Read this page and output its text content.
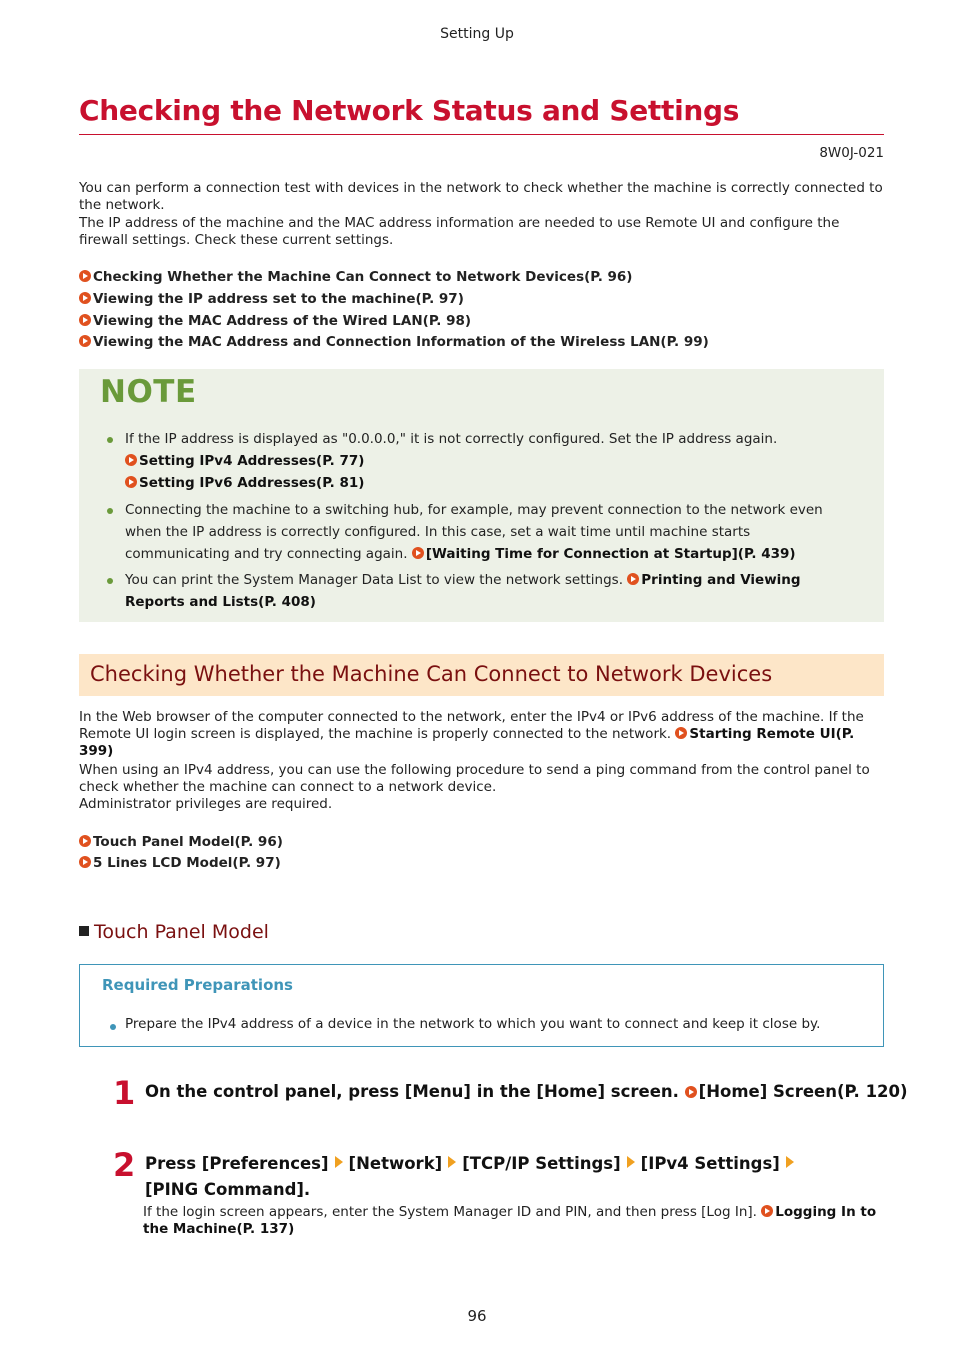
Setting Up
Checking the Network Status and Settings
8W0J-021
You can perform a connection test with devices in the network to check whether the machine is correctly connected to the network.
The IP address of the machine and the MAC address information are needed to use Remote UI and configure the firewall settings. Check these current settings.
Checking Whether the Machine Can Connect to Network Devices(P. 96)
Viewing the IP address set to the machine(P. 97)
Viewing the MAC Address of the Wired LAN(P. 98)
Viewing the MAC Address and Connection Information of the Wireless LAN(P. 99)
NOTE
If the IP address is displayed as "0.0.0.0," it is not correctly configured. Set the IP address again.
Setting IPv4 Addresses(P. 77)
Setting IPv6 Addresses(P. 81)
Connecting the machine to a switching hub, for example, may prevent connection to the network even when the IP address is correctly configured. In this case, set a wait time until machine starts communicating and try connecting again. [Waiting Time for Connection at Startup](P. 439)
You can print the System Manager Data List to view the network settings. Printing and Viewing Reports and Lists(P. 408)
Checking Whether the Machine Can Connect to Network Devices
In the Web browser of the computer connected to the network, enter the IPv4 or IPv6 address of the machine. If the Remote UI login screen is displayed, the machine is properly connected to the network. Starting Remote UI(P. 399)
When using an IPv4 address, you can use the following procedure to send a ping command from the control panel to check whether the machine can connect to a network device.
Administrator privileges are required.
Touch Panel Model(P. 96)
5 Lines LCD Model(P. 97)
Touch Panel Model
Required Preparations
Prepare the IPv4 address of a device in the network to which you want to connect and keep it close by.
1 On the control panel, press [Menu] in the [Home] screen. [Home] Screen(P. 120)
2 Press [Preferences] [Network] [TCP/IP Settings] [IPv4 Settings][PING Command].
If the login screen appears, enter the System Manager ID and PIN, and then press [Log In]. Logging In to the Machine(P. 137)
96
